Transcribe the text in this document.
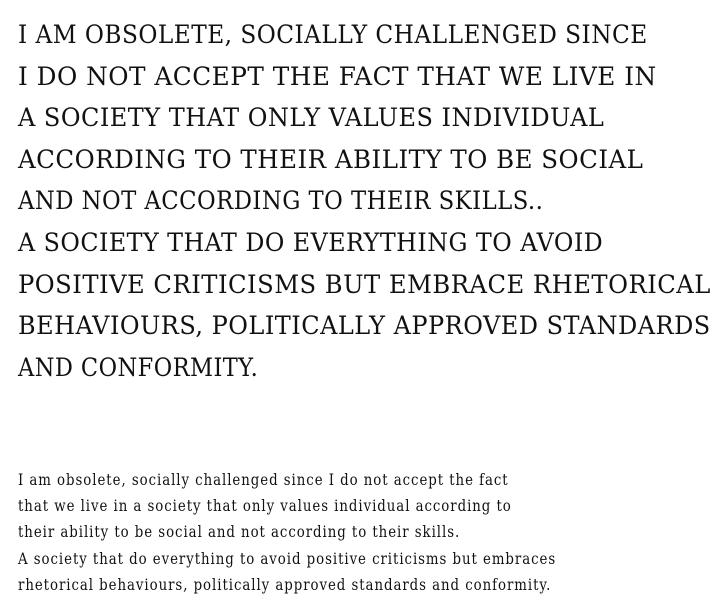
I AM OBSOLETE, SOCIALLY CHALLENGED SINCE
I DO NOT ACCEPT THE FACT THAT WE LIVE IN
A SOCIETY THAT ONLY VALUES INDIVIDUAL
ACCORDING TO THEIR ABILITY TO BE SOCIAL
AND NOT ACCORDING TO THEIR SKILLS..
A SOCIETY THAT DO EVERYTHING TO AVOID
POSITIVE CRITICISMS BUT EMBRACE RHETORICAL
BEHAVIOURS, POLITICALLY APPROVED STANDARDS
AND CONFORMITY.
I am obsolete, socially challenged since I do not accept the fact
that we live in a society that only values individual according to
their ability to be social and not according to their skills.
A society that do everything to avoid positive criticisms but embraces
rhetorical behaviours, politically approved standards and conformity.
